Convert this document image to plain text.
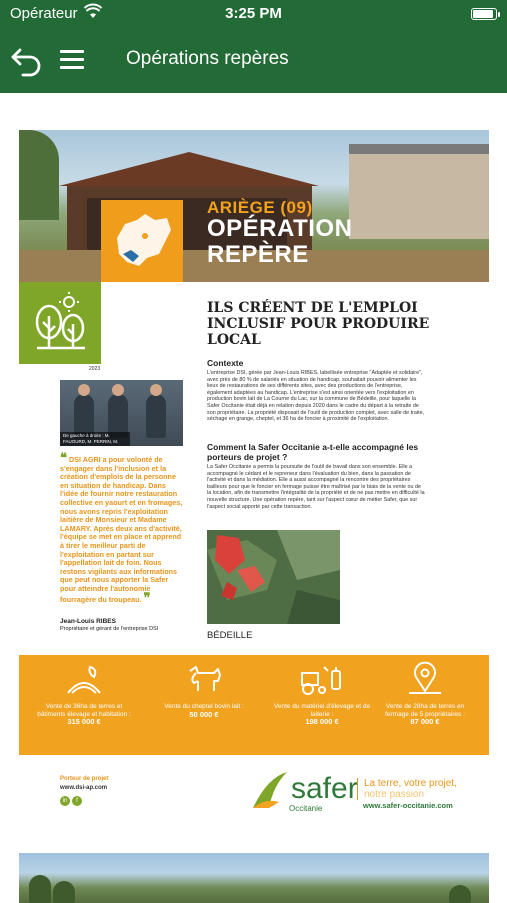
Opérateur	3:25 PM
Opérations repères
ARIÈGE (09)
OPÉRATION
REPÈRE
2023
De gauche à droite : M. FAUOURD, M. PERRIN, M. RIBES
❝ DSI AGRI a pour volonté de s'engager dans l'inclusion et la création d'emplois de la personne en situation de handicap. Dans l'idée de fournir notre restauration collective en yaourt et en fromages, nous avons repris l'exploitation laitière de Monsieur et Madame LAMARY. Après deux ans d'activité, l'équipe se met en place et apprend à tirer le meilleur parti de l'exploitation en partant sur l'appellation lait de foin. Nous restons vigilants aux informations que peut nous apporter la Safer pour atteindre l'autonomie fourragère du troupeau. ❞
Jean-Louis RIBES
Propriétaire et gérant de l'entreprise DSI
ILS CRÉENT DE L'EMPLOI INCLUSIF POUR PRODUIRE LOCAL
Contexte
L'entreprise DSI, gérée par Jean-Louis RIBES, labellisée entreprise "Adaptée et solidaire", avec près de 80 % de salariés en situation de handicap, souhaitait pouvoir alimenter les lieux de restaurations de ses différents sites, avec des productions de l'entreprise, également adaptées au handicap. L'entreprise s'est ainsi orientée vers l'exploitation en production bovin lait de La Courne du Lac, sur la commune de Bédeille, pour laquelle la Safer Occitanie était déjà en relation depuis 2020 dans le cadre du départ à la retraite de son propriétaire. La propriété disposait de l'outil de production complet, avec salle de traite, séchage en grange, cheptel, et 36 ha de foncier à proximité de l'exploitation.
Comment la Safer Occitanie a-t-elle accompagné les porteurs de projet ?
La Safer Occitanie a permis la poursuite de l'outil de travail dans son ensemble. Elle a accompagné le cédant et le repreneur dans l'évaluation du bien, dans la passation de l'activité et dans la médiation. Elle a aussi accompagné la rencontre des propriétaires bailleurs pour que le foncier en fermage puisse être maîtrisé par le biais de la vente ou de la location, afin de transmettre l'intégralité de la propriété et de ne pas mettre en difficulté la nouvelle structure. Une opération repère, tant sur l'aspect cœur de métier Safer, que sur l'aspect social apporté par cette transaction.
BÉDEILLE
Vente de 36ha de terres et bâtiments élevage et habitation :
315 000 €
Vente du cheptel bovin lait :
50 000 €
Vente du matériel d'élevage et de laiterie :
198 000 €
Vente de 28ha de terres en fermage de 5 propriétaires :
87 000 €
Porteur de projet
www.dsi-ap.com
in f	safer
Occitanie
La terre, votre projet,
notre passion
www.safer-occitanie.com
